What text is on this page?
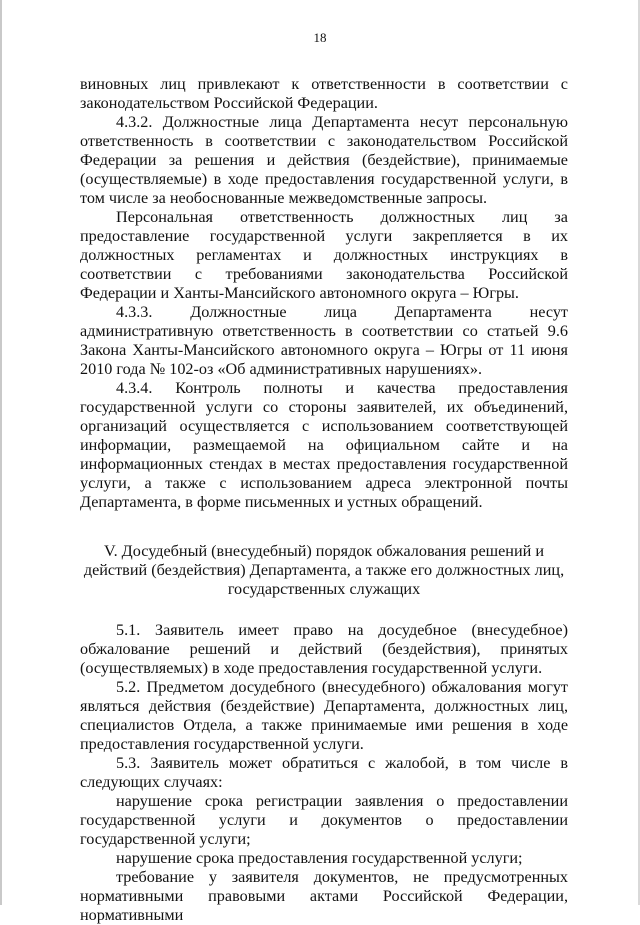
18

виновных лиц привлекают к ответственности в соответствии с законодательством Российской Федерации.

4.3.2. Должностные лица Департамента несут персональную ответственность в соответствии с законодательством Российской Федерации за решения и действия (бездействие), принимаемые (осуществляемые) в ходе предоставления государственной услуги, в том числе за необоснованные межведомственные запросы.

Персональная ответственность должностных лиц за предоставление государственной услуги закрепляется в их должностных регламентах и должностных инструкциях в соответствии с требованиями законодательства Российской Федерации и Ханты-Мансийского автономного округа – Югры.

4.3.3. Должностные лица Департамента несут административную ответственность в соответствии со статьей 9.6 Закона Ханты-Мансийского автономного округа – Югры от 11 июня 2010 года № 102-оз «Об административных нарушениях».

4.3.4. Контроль полноты и качества предоставления государственной услуги со стороны заявителей, их объединений, организаций осуществляется с использованием соответствующей информации, размещаемой на официальном сайте и на информационных стендах в местах предоставления государственной услуги, а также с использованием адреса электронной почты Департамента, в форме письменных и устных обращений.

V. Досудебный (внесудебный) порядок обжалования решений и
действий (бездействия) Департамента, а также его должностных лиц,
государственных служащих

5.1. Заявитель имеет право на досудебное (внесудебное) обжалование решений и действий (бездействия), принятых (осуществляемых) в ходе предоставления государственной услуги.

5.2. Предметом досудебного (внесудебного) обжалования могут являться действия (бездействие) Департамента, должностных лиц, специалистов Отдела, а также принимаемые ими решения в ходе предоставления государственной услуги.

5.3. Заявитель может обратиться с жалобой, в том числе в следующих случаях:

нарушение срока регистрации заявления о предоставлении государственной услуги и документов о предоставлении государственной услуги;

нарушение срока предоставления государственной услуги;

требование у заявителя документов, не предусмотренных нормативными правовыми актами Российской Федерации, нормативными
